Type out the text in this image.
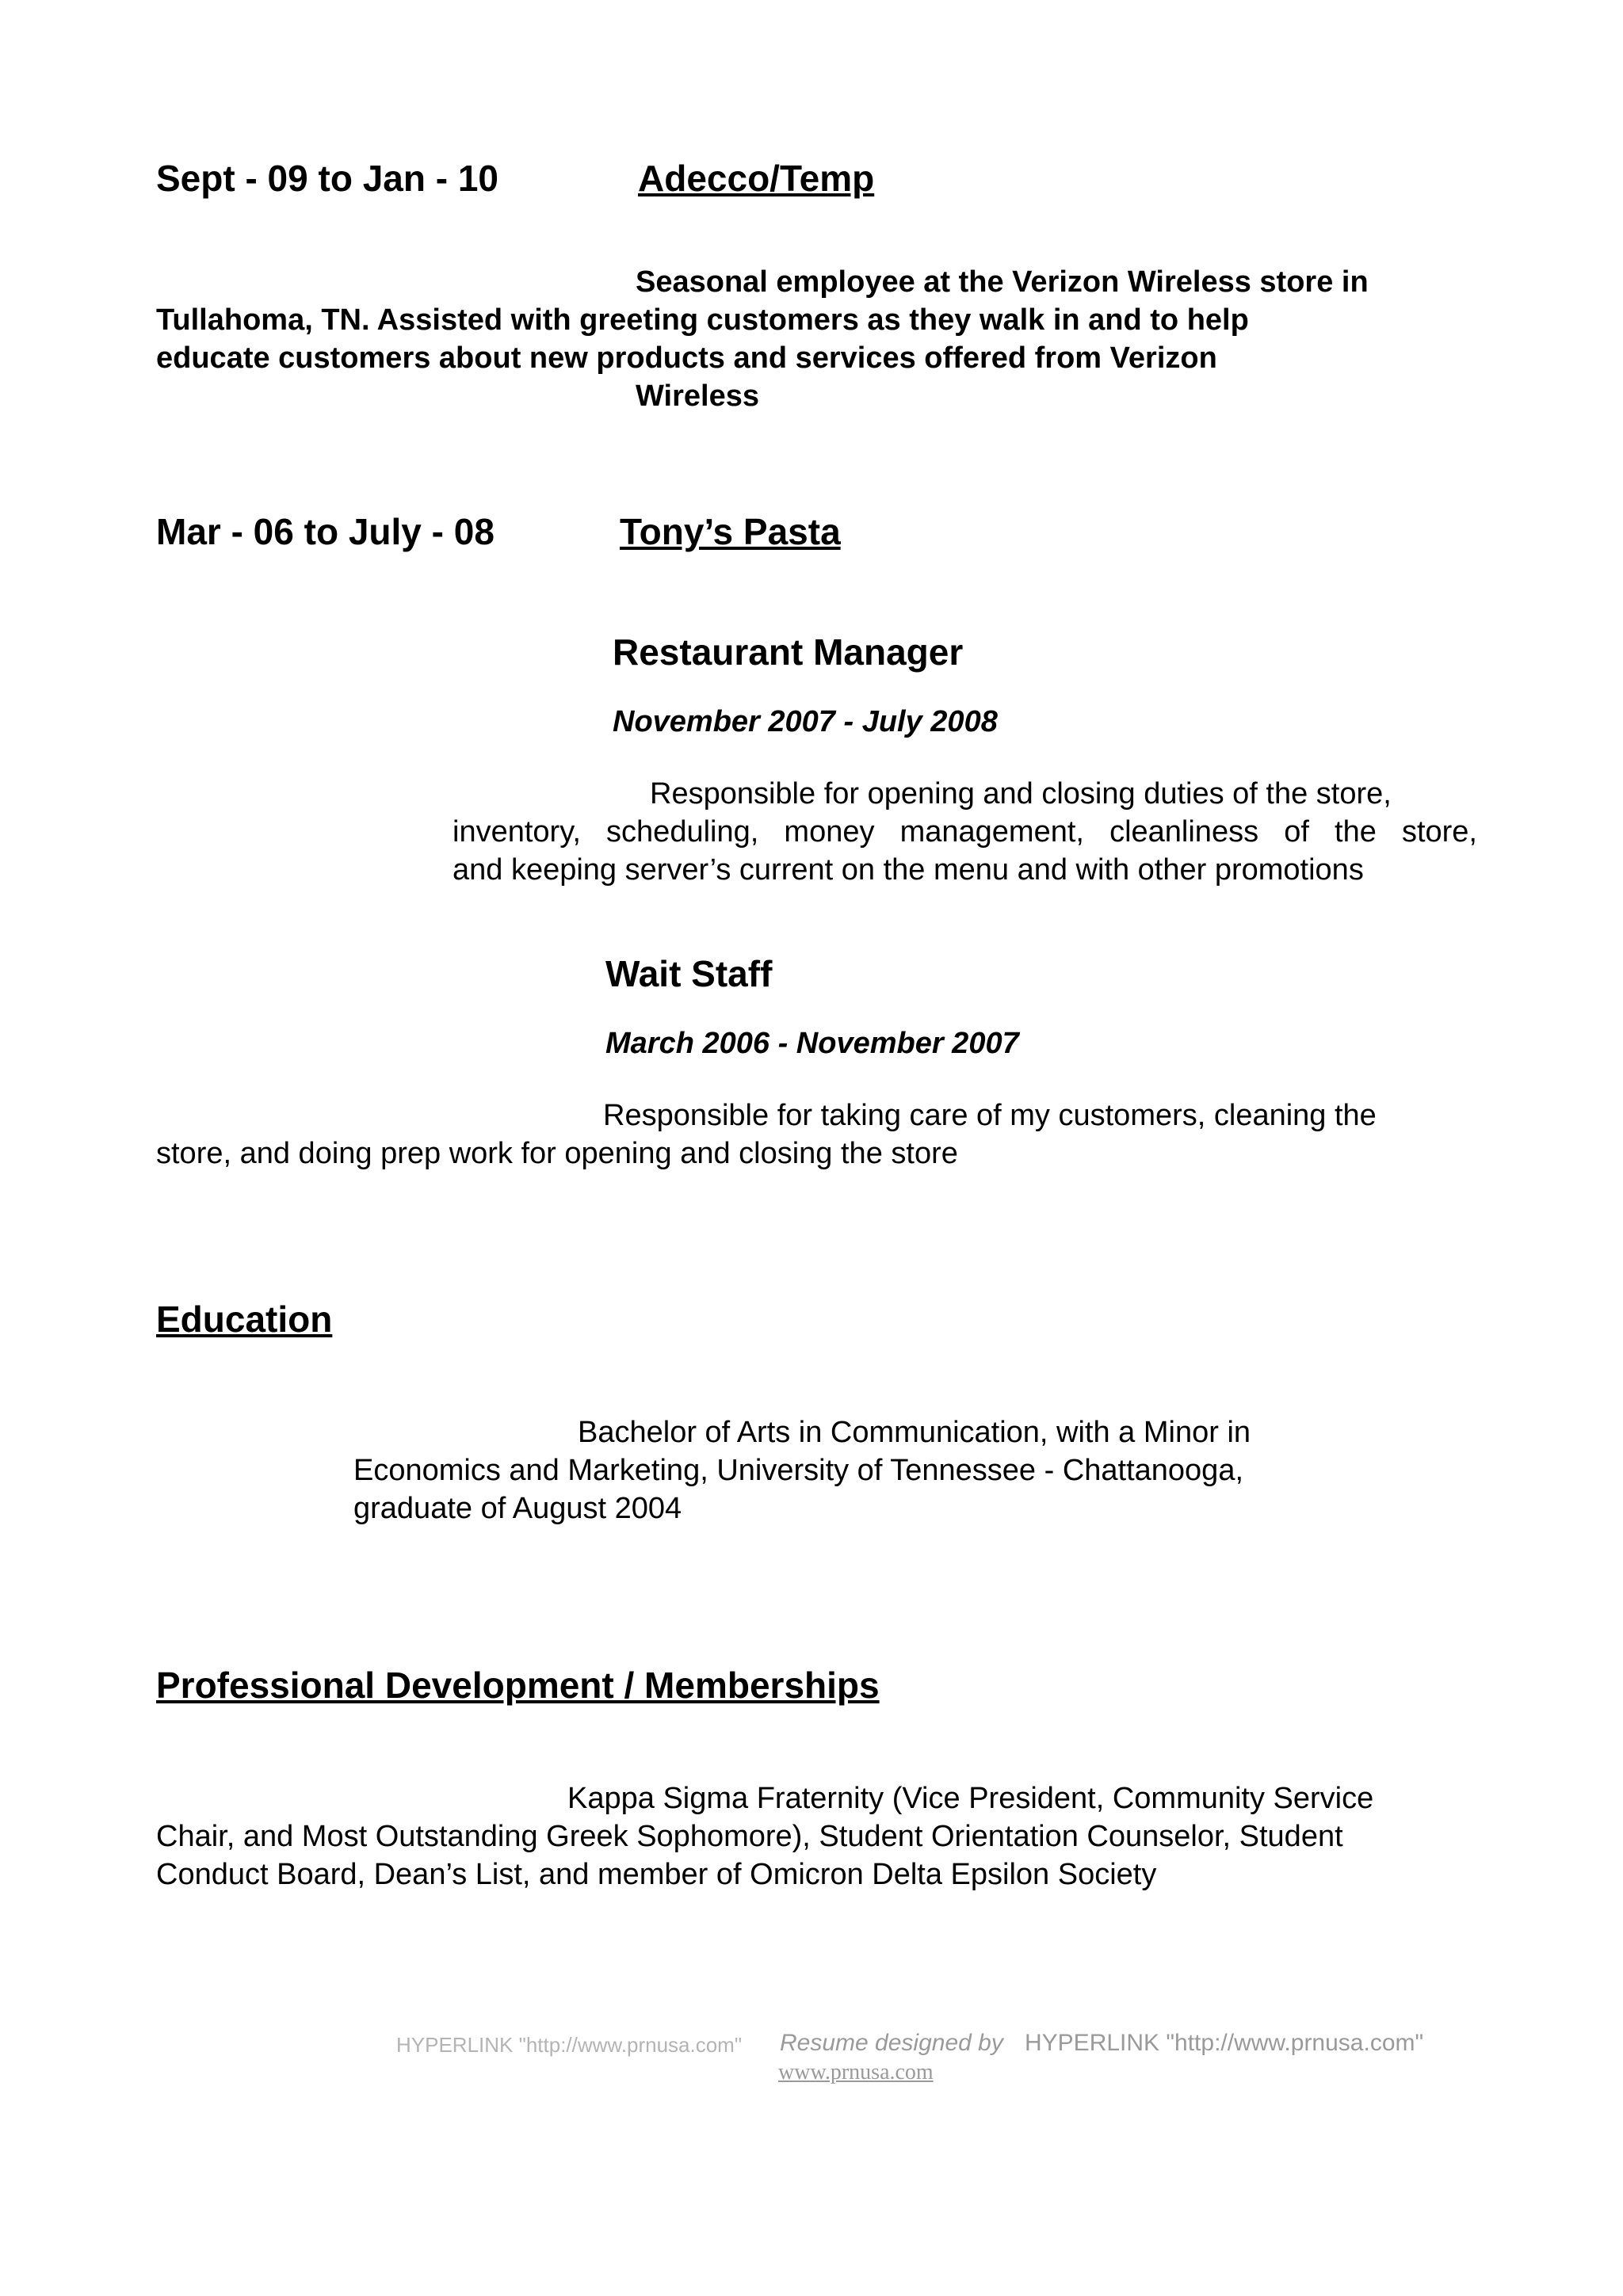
Sept - 09 to Jan - 10	Adecco/Temp
Seasonal employee at the Verizon Wireless store in
Tullahoma, TN. Assisted with greeting customers as they walk in and to help
educate customers about new products and services offered from Verizon
Wireless
Mar - 06 to July - 08	Tony’s Pasta
Restaurant Manager
November 2007 - July 2008
Responsible for opening and closing duties of the store,
inventory, scheduling, money management, cleanliness of the store,
and keeping server’s current on the menu and with other promotions
Wait Staff
March 2006 - November 2007
Responsible for taking care of my customers, cleaning the
store, and doing prep work for opening and closing the store
Education
Bachelor of Arts in Communication, with a Minor in
Economics and Marketing, University of Tennessee - Chattanooga,
graduate of August 2004
Professional Development / Memberships
Kappa Sigma Fraternity (Vice President, Community Service
Chair, and Most Outstanding Greek Sophomore), Student Orientation Counselor, Student
Conduct Board, Dean’s List, and member of Omicron Delta Epsilon Society
HYPERLINK "http://www.prnusa.com" Resume designed by HYPERLINK "http://www.prnusa.com"
www.prnusa.com
